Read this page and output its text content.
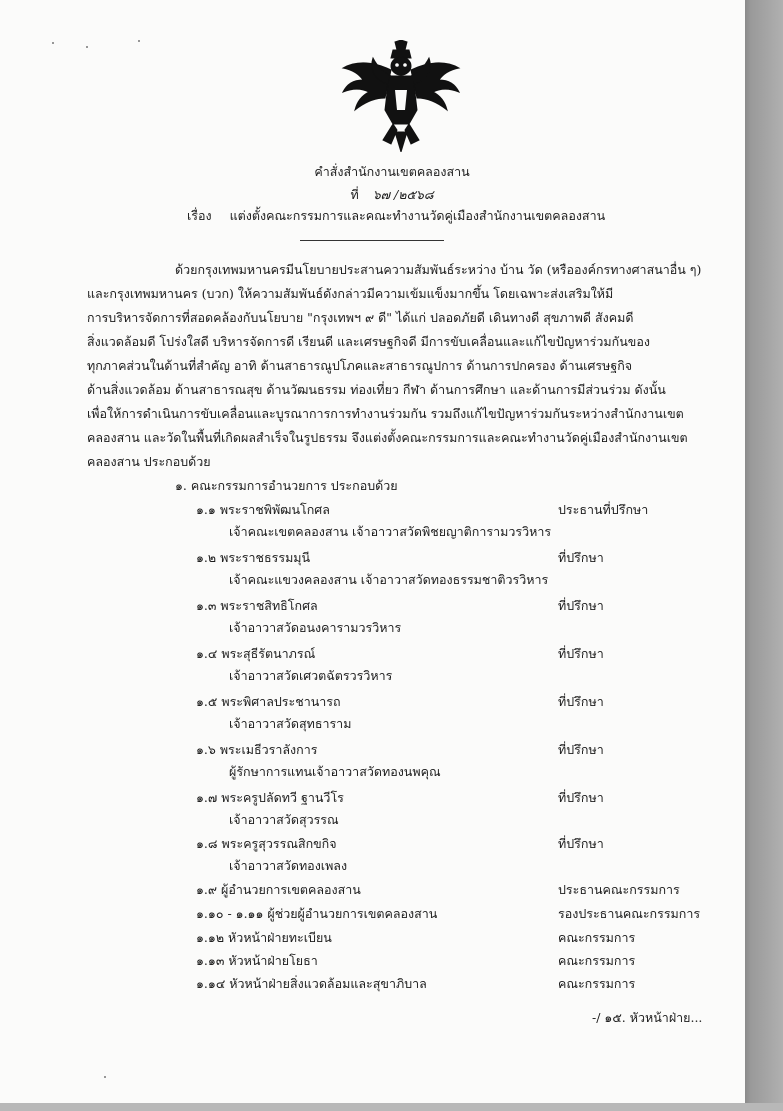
คำสั่งสำนักงานเขตคลองสาน
ที่ ๖๗ /๒๕๖๘
เรื่อง แต่งตั้งคณะกรรมการและคณะทำงานวัดคู่เมืองสำนักงานเขตคลองสาน
ด้วยกรุงเทพมหานครมีนโยบายประสานความสัมพันธ์ระหว่าง บ้าน วัด (หรือองค์กรทางศาสนาอื่น ๆ)
และกรุงเทพมหานคร (บวก) ให้ความสัมพันธ์ดังกล่าวมีความเข้มแข็งมากขึ้น โดยเฉพาะส่งเสริมให้มี
การบริหารจัดการที่สอดคล้องกับนโยบาย "กรุงเทพฯ ๙ ดี" ได้แก่ ปลอดภัยดี เดินทางดี สุขภาพดี สังคมดี
สิ่งแวดล้อมดี โปร่งใสดี บริหารจัดการดี เรียนดี และเศรษฐกิจดี มีการขับเคลื่อนและแก้ไขปัญหาร่วมกันของ
ทุกภาคส่วนในด้านที่สำคัญ อาทิ ด้านสาธารณูปโภคและสาธารณูปการ ด้านการปกครอง ด้านเศรษฐกิจ
ด้านสิ่งแวดล้อม ด้านสาธารณสุข ด้านวัฒนธรรม ท่องเที่ยว กีฬา ด้านการศึกษา และด้านการมีส่วนร่วม ดังนั้น
เพื่อให้การดำเนินการขับเคลื่อนและบูรณาการการทำงานร่วมกัน รวมถึงแก้ไขปัญหาร่วมกันระหว่างสำนักงานเขต
คลองสาน และวัดในพื้นที่เกิดผลสำเร็จในรูปธรรม จึงแต่งตั้งคณะกรรมการและคณะทำงานวัดคู่เมืองสำนักงานเขต
คลองสาน ประกอบด้วย
๑. คณะกรรมการอำนวยการ ประกอบด้วย
๑.๑ พระราชพิพัฒนโกศล	ประธานที่ปรึกษา
เจ้าคณะเขตคลองสาน เจ้าอาวาสวัดพิชยญาติการามวรวิหาร
๑.๒ พระราชธรรมมุนี	ที่ปรึกษา
เจ้าคณะแขวงคลองสาน เจ้าอาวาสวัดทองธรรมชาติวรวิหาร
๑.๓ พระราชสิทธิโกศล	ที่ปรึกษา
เจ้าอาวาสวัดอนงคารามวรวิหาร
๑.๔ พระสุธีรัตนาภรณ์	ที่ปรึกษา
เจ้าอาวาสวัดเศวตฉัตรวรวิหาร
๑.๕ พระพิศาลประชานารถ	ที่ปรึกษา
เจ้าอาวาสวัดสุทธาราม
๑.๖ พระเมธีวราลังการ	ที่ปรึกษา
ผู้รักษาการแทนเจ้าอาวาสวัดทองนพคุณ
๑.๗ พระครูปลัดทวี ฐานวีโร	ที่ปรึกษา
เจ้าอาวาสวัดสุวรรณ
๑.๘ พระครูสุวรรณสิกขกิจ	ที่ปรึกษา
เจ้าอาวาสวัดทองเพลง
๑.๙ ผู้อำนวยการเขตคลองสาน	ประธานคณะกรรมการ
๑.๑๐ - ๑.๑๑ ผู้ช่วยผู้อำนวยการเขตคลองสาน	รองประธานคณะกรรมการ
๑.๑๒ หัวหน้าฝ่ายทะเบียน	คณะกรรมการ
๑.๑๓ หัวหน้าฝ่ายโยธา	คณะกรรมการ
๑.๑๔ หัวหน้าฝ่ายสิ่งแวดล้อมและสุขาภิบาล	คณะกรรมการ
-/ ๑๕. หัวหน้าฝ่าย...
